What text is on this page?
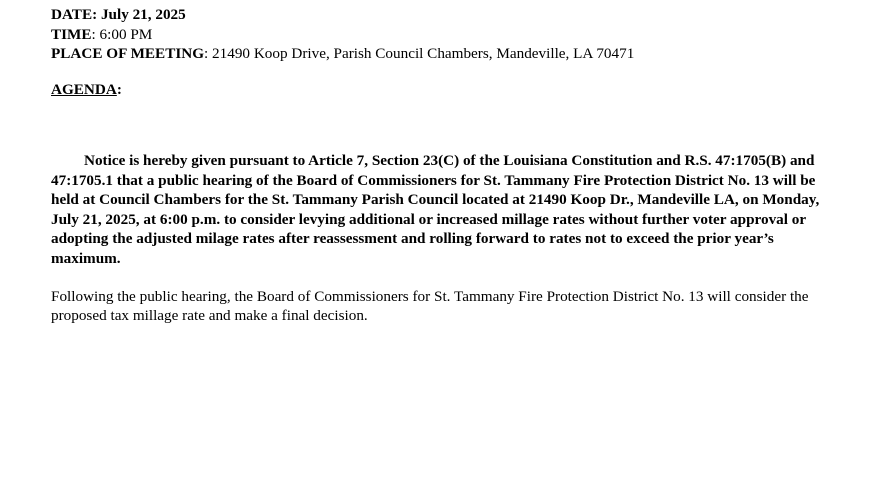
DATE: July 21, 2025
TIME: 6:00 PM
PLACE OF MEETING: 21490 Koop Drive, Parish Council Chambers, Mandeville, LA 70471
AGENDA:

Notice is hereby given pursuant to Article 7, Section 23(C) of the Louisiana Constitution and R.S. 47:1705(B) and 47:1705.1 that a public hearing of the Board of Commissioners for St. Tammany Fire Protection District No. 13 will be held at Council Chambers for the St. Tammany Parish Council located at 21490 Koop Dr., Mandeville LA, on Monday, July 21, 2025, at 6:00 p.m. to consider levying additional or increased millage rates without further voter approval or adopting the adjusted milage rates after reassessment and rolling forward to rates not to exceed the prior year’s maximum.

Following the public hearing, the Board of Commissioners for St. Tammany Fire Protection District No. 13 will consider the proposed tax millage rate and make a final decision.
